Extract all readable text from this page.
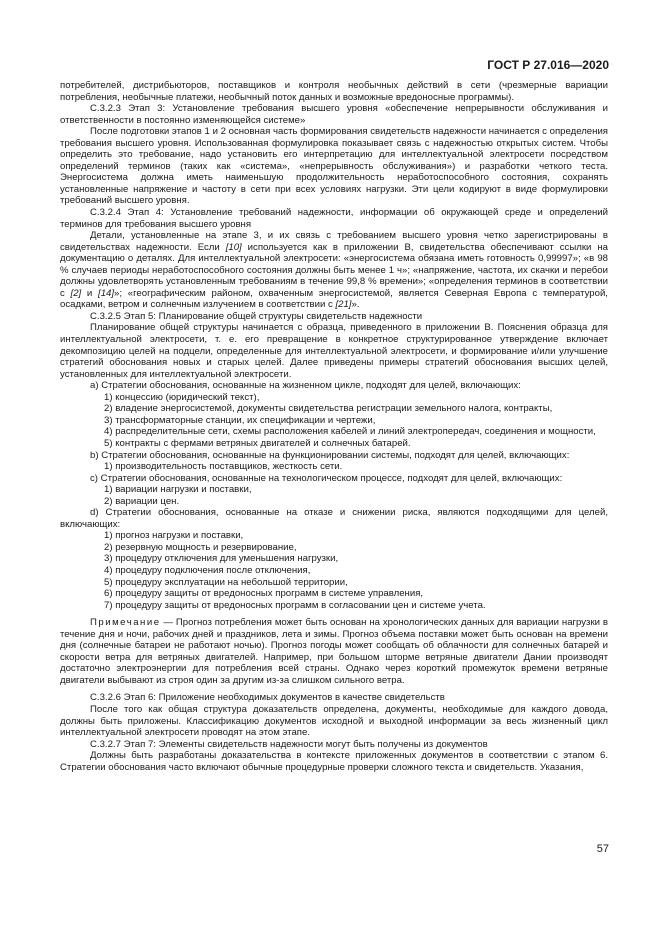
ГОСТ Р 27.016—2020

потребителей, дистрибьюторов, поставщиков и контроля необычных действий в сети (чрезмерные вариации потребления, необычные платежи, необычный поток данных и возможные вредоносные программы).

С.3.2.3 Этап 3: Установление требования высшего уровня «обеспечение непрерывности обслуживания и ответственности в постоянно изменяющейся системе»

После подготовки этапов 1 и 2 основная часть формирования свидетельств надежности начинается с определения требования высшего уровня. Использованная формулировка показывает связь с надежностью открытых систем. Чтобы определить это требование, надо установить его интерпретацию для интеллектуальной электросети посредством определений терминов (таких как «система», «непрерывность обслуживания») и разработки четкого теста. Энергосистема должна иметь наименьшую продолжительность неработоспособного состояния, сохранять установленные напряжение и частоту в сети при всех условиях нагрузки. Эти цели кодируют в виде формулировки требований высшего уровня.

С.3.2.4 Этап 4: Установление требований надежности, информации об окружающей среде и определений терминов для требования высшего уровня

Детали, установленные на этапе 3, и их связь с требованием высшего уровня четко зарегистрированы в свидетельствах надежности. Если [10] используется как в приложении В, свидетельства обеспечивают ссылки на документацию о деталях. Для интеллектуальной электросети: «энергосистема обязана иметь готовность 0,99997»; «в 98 % случаев периоды неработоспособного состояния должны быть менее 1 ч»; «напряжение, частота, их скачки и перебои должны удовлетворять установленным требованиям в течение 99,8 % времени»; «определения терминов в соответствии с [2] и [14]»; «географическим районом, охваченным энергосистемой, является Северная Европа с температурой, осадками, ветром и солнечным излучением в соответствии с [21]».

С.3.2.5 Этап 5: Планирование общей структуры свидетельств надежности

Планирование общей структуры начинается с образца, приведенного в приложении В. Пояснения образца для интеллектуальной электросети, т. е. его превращение в конкретное структурированное утверждение включает декомпозицию целей на подцели, определенные для интеллектуальной электросети, и формирование и/или улучшение стратегий обоснования новых и старых целей. Далее приведены примеры стратегий обоснования высших целей, установленных для интеллектуальной электросети.

a) Стратегии обоснования, основанные на жизненном цикле, подходят для целей, включающих:

1) концессию (юридический текст),

2) владение энергосистемой, документы свидетельства регистрации земельного налога, контракты,

3) трансформаторные станции, их спецификации и чертежи,

4) распределительные сети, схемы расположения кабелей и линий электропередач, соединения и мощности,

5) контракты с фермами ветряных двигателей и солнечных батарей.

b) Стратегии обоснования, основанные на функционировании системы, подходят для целей, включающих:

1) производительность поставщиков, жесткость сети.

c) Стратегии обоснования, основанные на технологическом процессе, подходят для целей, включающих:

1) вариации нагрузки и поставки,

2) вариации цен.

d) Стратегии обоснования, основанные на отказе и снижении риска, являются подходящими для целей, включающих:

1) прогноз нагрузки и поставки,

2) резервную мощность и резервирование,

3) процедуру отключения для уменьшения нагрузки,

4) процедуру подключения после отключения,

5) процедуру эксплуатации на небольшой территории,

6) процедуру защиты от вредоносных программ в системе управления,

7) процедуру защиты от вредоносных программ в согласовании цен и системе учета.

Примечание — Прогноз потребления может быть основан на хронологических данных для вариации нагрузки в течение дня и ночи, рабочих дней и праздников, лета и зимы. Прогноз объема поставки может быть основан на времени дня (солнечные батареи не работают ночью). Прогноз погоды может сообщать об облачности для солнечных батарей и скорости ветра для ветряных двигателей. Например, при большом шторме ветряные двигатели Дании производят достаточно электроэнергии для потребления всей страны. Однако через короткий промежуток времени ветряные двигатели выбывают из строя один за другим из-за слишком сильного ветра.

С.3.2.6 Этап 6: Приложение необходимых документов в качестве свидетельств

После того как общая структура доказательств определена, документы, необходимые для каждого довода, должны быть приложены. Классификацию документов исходной и выходной информации за весь жизненный цикл интеллектуальной электросети проводят на этом этапе.

С.3.2.7 Этап 7: Элементы свидетельств надежности могут быть получены из документов

Должны быть разработаны доказательства в контексте приложенных документов в соответствии с этапом 6. Стратегии обоснования часто включают обычные процедурные проверки сложного текста и свидетельств. Указания,

57
